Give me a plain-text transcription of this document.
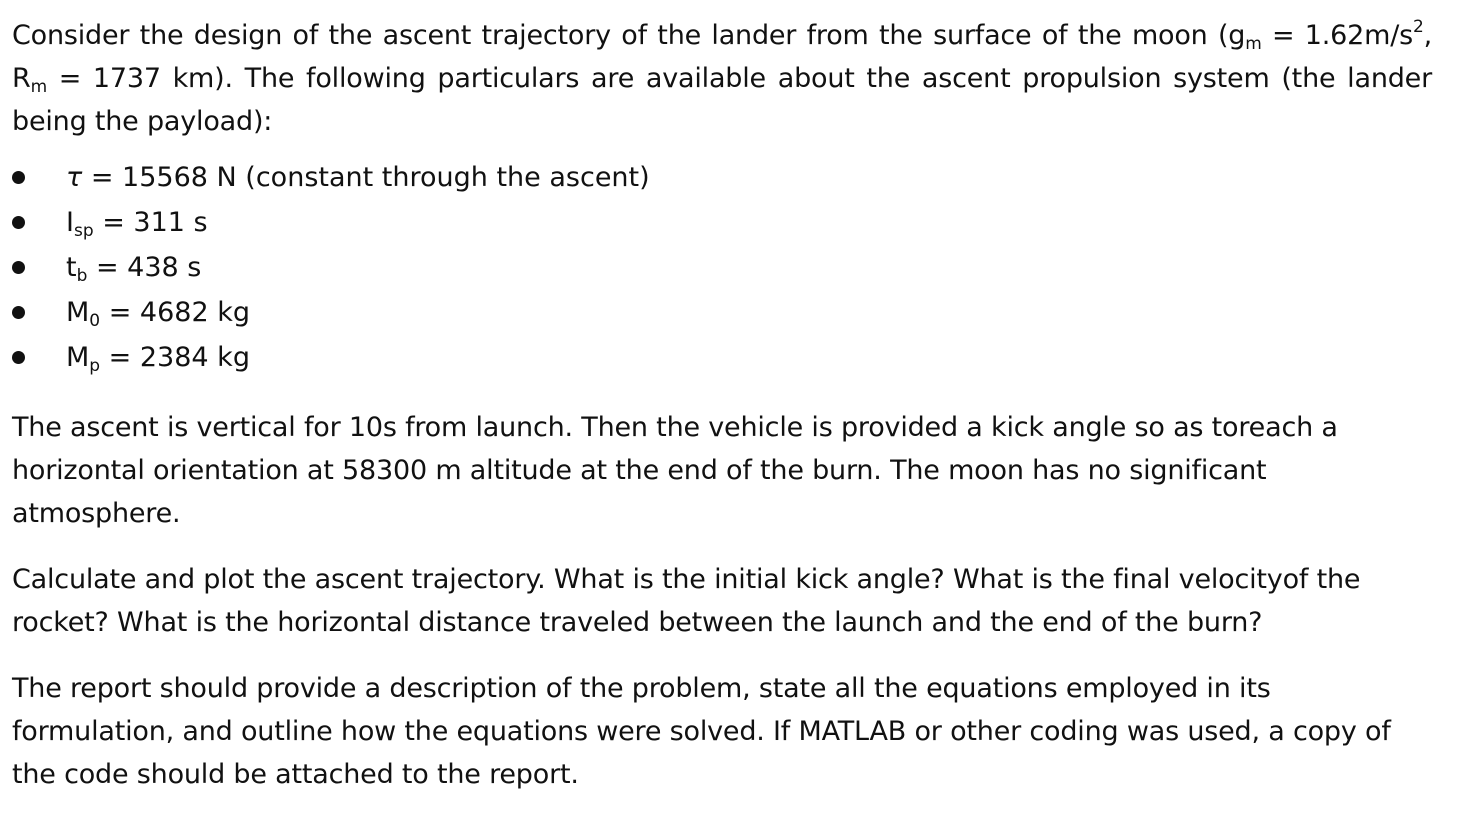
Consider the design of the ascent trajectory of the lander from the surface of the moon ($g_m = 1.62m/s^2$, $R_m = 1737$ km). The following particulars are available about the ascent propulsion system (the lander being the payload):

τ = 15568 N (constant through the ascent)
$I_{sp} = 311$ s
$t_b = 438$ s
$M_0 = 4682$ kg
$M_p = 2384$ kg

The ascent is vertical for 10s from launch. Then the vehicle is provided a kick angle so as toreach a horizontal orientation at 58300 m altitude at the end of the burn. The moon has no significant atmosphere.

Calculate and plot the ascent trajectory. What is the initial kick angle? What is the final velocityof the rocket? What is the horizontal distance traveled between the launch and the end of the burn?

The report should provide a description of the problem, state all the equations employed in its formulation, and outline how the equations were solved. If MATLAB or other coding was used, a copy of the code should be attached to the report.
